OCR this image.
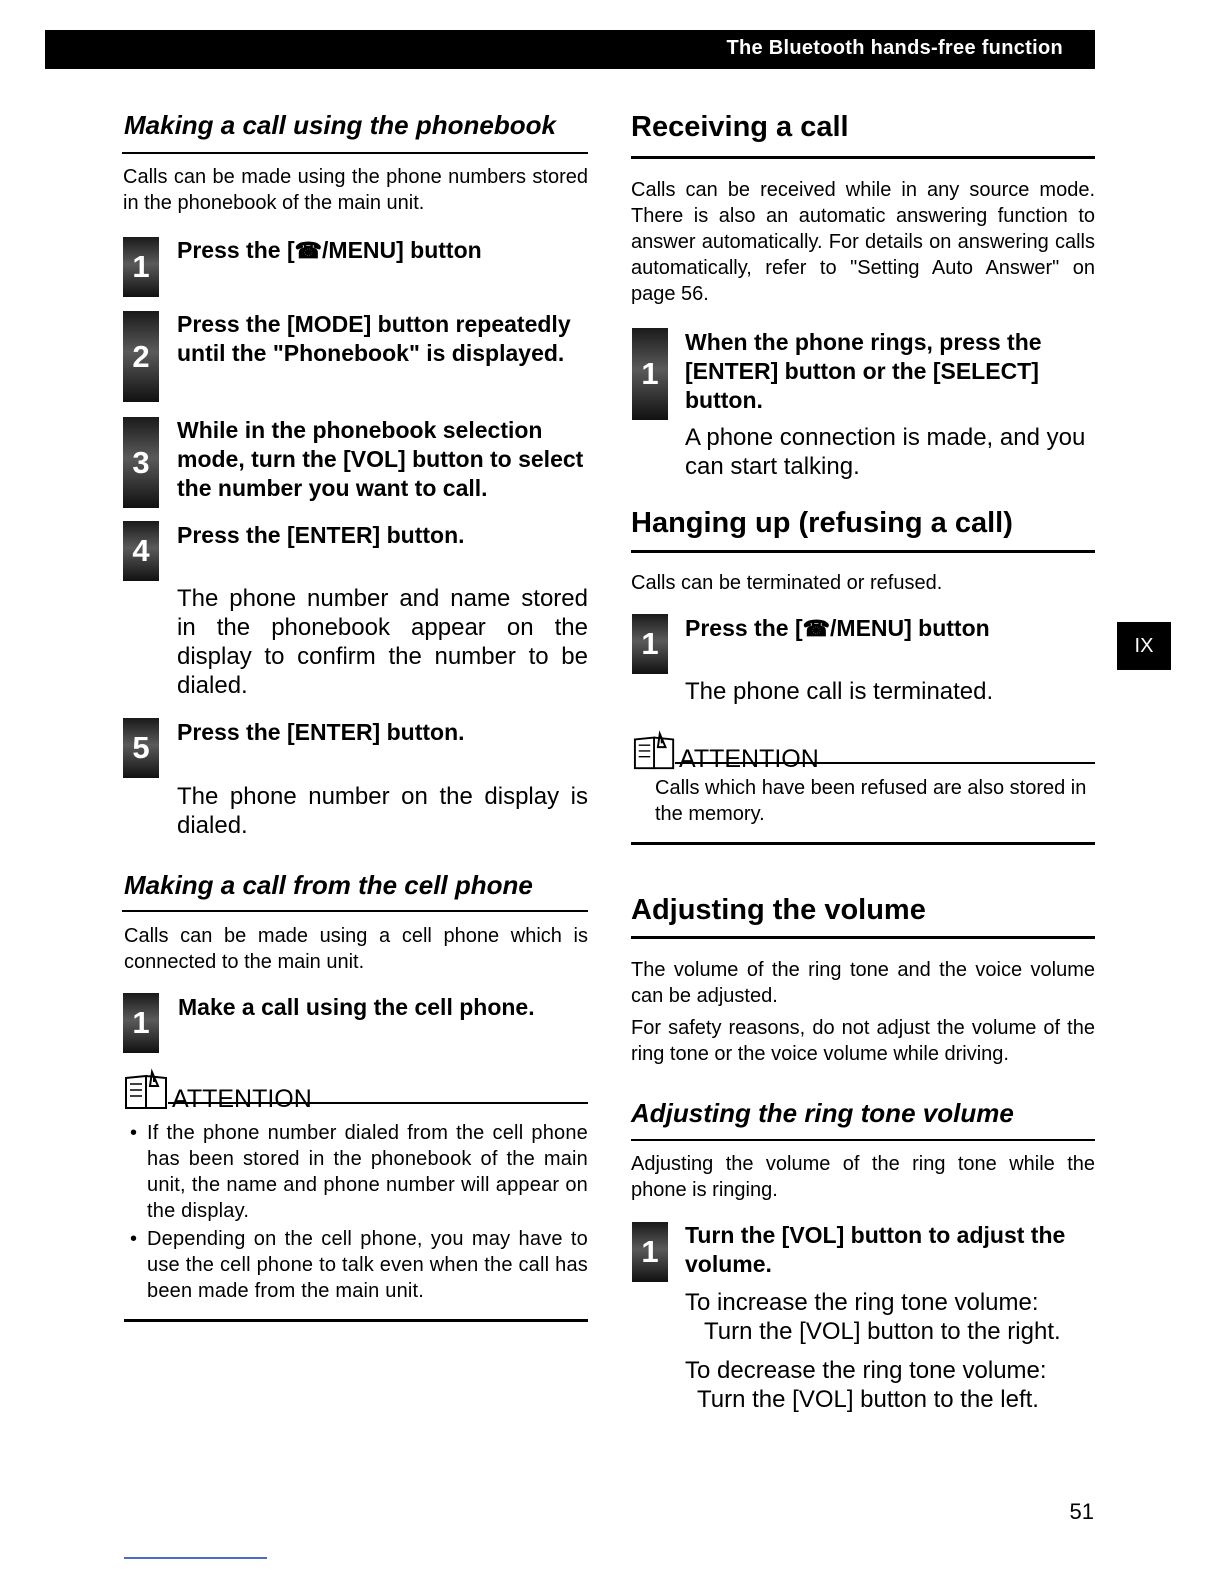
The Bluetooth hands-free function
Making a call using the phonebook

Calls can be made using the phone numbers stored in the phonebook of the main unit.

1 Press the [☎/MENU] button
2
Press the [MODE] button repeatedly until the "Phonebook" is displayed.
3
While in the phonebook selection mode, turn the [VOL] button to select the number you want to call.
4 Press the [ENTER] button.
The phone number and name stored in the phonebook appear on the display to confirm the number to be dialed.
5 Press the [ENTER] button.
The phone number on the display is dialed.
Making a call from the cell phone

Calls can be made using a cell phone which is connected to the main unit.

1 Make a call using the cell phone.
ATTENTION
• If the phone number dialed from the cell phone has been stored in the phonebook of the main unit, the name and phone number will appear on the display.
• Depending on the cell phone, you may have to use the cell phone to talk even when the call has been made from the main unit.
Receiving a call

Calls can be received while in any source mode. There is also an automatic answering function to answer automatically. For details on answering calls automatically, refer to "Setting Auto Answer" on page 56.

1
When the phone rings, press the [ENTER] button or the [SELECT] button.
A phone connection is made, and you can start talking.
Hanging up (refusing a call)

Calls can be terminated or refused.

1 Press the [☎/MENU] button
The phone call is terminated.
ATTENTION

Calls which have been refused are also stored in the memory.

Adjusting the volume

The volume of the ring tone and the voice volume can be adjusted.

For safety reasons, do not adjust the volume of the ring tone or the voice volume while driving.

Adjusting the ring tone volume

Adjusting the volume of the ring tone while the phone is ringing.

1 Turn the [VOL] button to adjust the volume.
To increase the ring tone volume:
Turn the [VOL] button to the right.
To decrease the ring tone volume:
Turn the [VOL] button to the left.
IX
51
